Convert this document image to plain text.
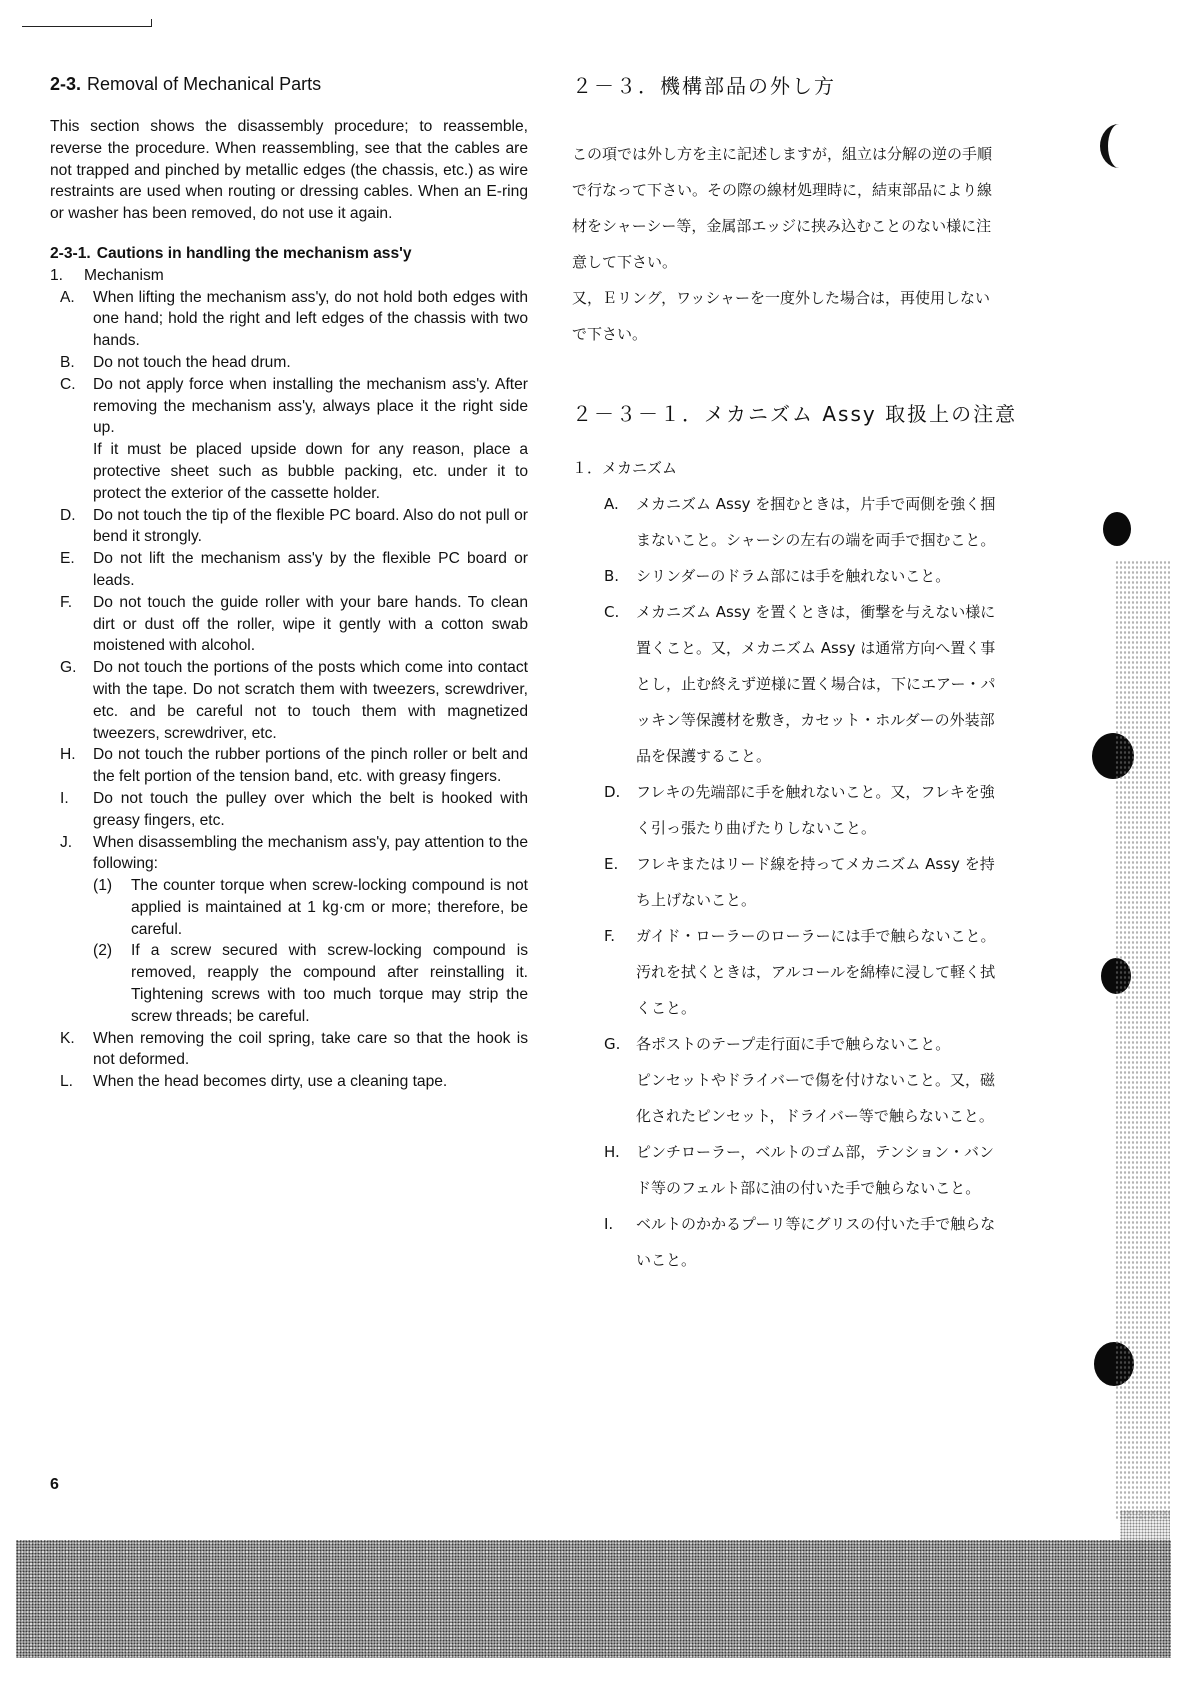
2-3. Removal of Mechanical Parts

This section shows the disassembly procedure; to reassemble, reverse the procedure. When reassembling, see that the cables are not trapped and pinched by metallic edges (the chassis, etc.) as wire restraints are used when routing or dressing cables. When an E-ring or washer has been removed, do not use it again.

2-3-1. Cautions in handling the mechanism ass'y

1. Mechanism

A.	When lifting the mechanism ass'y, do not hold both edges with one hand; hold the right and left edges of the chassis with two hands.
B.	Do not touch the head drum.
C.	Do not apply force when installing the mechanism ass'y. After removing the mechanism ass'y, always place it the right side up.

If it must be placed upside down for any reason, place a protective sheet such as bubble packing, etc. under it to protect the exterior of the cassette holder.

D.	Do not touch the tip of the flexible PC board. Also do not pull or bend it strongly.
E.	Do not lift the mechanism ass'y by the flexible PC board or leads.
F.	Do not touch the guide roller with your bare hands. To clean dirt or dust off the roller, wipe it gently with a cotton swab moistened with alcohol.
G.	Do not touch the portions of the posts which come into contact with the tape. Do not scratch them with tweezers, screwdriver, etc. and be careful not to touch them with magnetized tweezers, screwdriver, etc.
H.	Do not touch the rubber portions of the pinch roller or belt and the felt portion of the tension band, etc. with greasy fingers.
I.	Do not touch the pulley over which the belt is hooked with greasy fingers, etc.
J.	When disassembling the mechanism ass'y, pay attention to the following:
(1)	The counter torque when screw-locking compound is not applied is maintained at 1 kg·cm or more; therefore, be careful.
(2)	If a screw secured with screw-locking compound is removed, reapply the compound after reinstalling it. Tightening screws with too much torque may strip the screw threads; be careful.
K.	When removing the coil spring, take care so that the hook is not deformed.
L.	When the head becomes dirty, use a cleaning tape.
２－３．機構部品の外し方
この項では外し方を主に記述しますが，組立は分解の逆の手順
で行なって下さい。その際の線材処理時に，結束部品により線
材をシャーシー等，金属部エッジに挟み込むことのない様に注
意して下さい。
又，Ｅリング，ワッシャーを一度外した場合は，再使用しない
で下さい。
２－３－１．メカニズム Assy 取扱上の注意

１．メカニズム

A. メカニズム Assy を掴むときは，片手で両側を強く掴
まないこと。シャーシの左右の端を両手で掴むこと。
B. シリンダーのドラム部には手を触れないこと。
C. メカニズム Assy を置くときは，衝撃を与えない様に
置くこと。又，メカニズム Assy は通常方向へ置く事
とし，止む終えず逆様に置く場合は，下にエアー・パ
ッキン等保護材を敷き，カセット・ホルダーの外装部
品を保護すること。
D. フレキの先端部に手を触れないこと。又，フレキを強
く引っ張たり曲げたりしないこと。
E. フレキまたはリード線を持ってメカニズム Assy を持
ち上げないこと。
F. ガイド・ローラーのローラーには手で触らないこと。
汚れを拭くときは，アルコールを綿棒に浸して軽く拭
くこと。
G. 各ポストのテープ走行面に手で触らないこと。
ピンセットやドライバーで傷を付けないこと。又，磁
化されたピンセット，ドライバー等で触らないこと。
H. ピンチローラー，ベルトのゴム部，テンション・バン
ド等のフェルト部に油の付いた手で触らないこと。
I. ベルトのかかるプーリ等にグリスの付いた手で触らな
いこと。
6
